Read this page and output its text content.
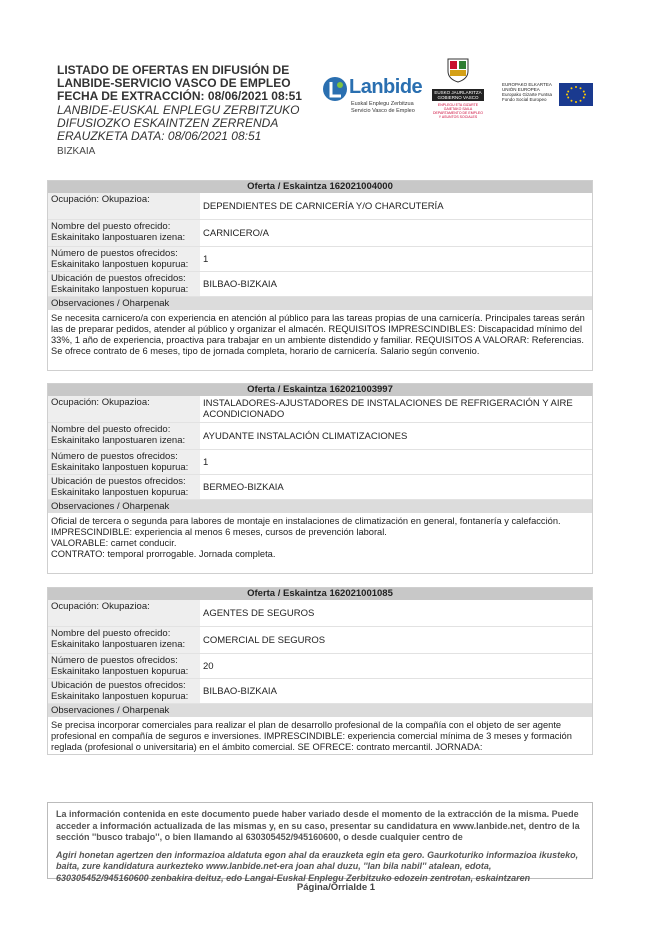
LISTADO DE OFERTAS EN DIFUSIÓN DE LANBIDE-SERVICIO VASCO DE EMPLEO FECHA DE EXTRACCIÓN: 08/06/2021 08:51
LANBIDE-EUSKAL ENPLEGU ZERBITZUKO DIFUSIOZKO ESKAINTZEN ZERRENDA ERAUZKETA DATA: 08/06/2021 08:51
BIZKAIA
Lanbide
Euskal Enplegu Zerbitzua
Servicio Vasco de Empleo
EUSKO JAURLARITZA GOBIERNO VASCO
ENPLEGU ETA GIZARTE GAIETAKO SAILA DEPARTAMENTO DE EMPLEO Y ASUNTOS SOCIALES
EUROPAKO ELKARTEA UNIÓN EUROPEA Europako Gizarte Funtsa Fondo Social Europeo
Oferta / Eskaintza 162021004000
Ocupación: Okupazioa:
DEPENDIENTES DE CARNICERÍA Y/O CHARCUTERÍA
Nombre del puesto ofrecido: Eskainitako lanpostuaren izena:	CARNICERO/A
Número de puestos ofrecidos: Eskainitako lanpostuen kopurua:	1
Ubicación de puestos ofrecidos: Eskainitako lanpostuen kopurua:	BILBAO-BIZKAIA
Observaciones / Oharpenak
Se necesita carnicero/a con experiencia en atención al público para las tareas propias de una carnicería. Principales tareas serán las de preparar pedidos, atender al público y organizar el almacén. REQUISITOS IMPRESCINDIBLES: Discapacidad mínimo del 33%, 1 año de experiencia, proactiva para trabajar en un ambiente distendido y familiar. REQUISITOS A VALORAR: Referencias. Se ofrece contrato de 6 meses, tipo de jornada completa, horario de carnicería. Salario según convenio.
Oferta / Eskaintza 162021003997
Ocupación: Okupazioa:	INSTALADORES-AJUSTADORES DE INSTALACIONES DE REFRIGERACIÓN Y AIRE ACONDICIONADO
Nombre del puesto ofrecido: Eskainitako lanpostuaren izena:	AYUDANTE INSTALACIÓN CLIMATIZACIONES
Número de puestos ofrecidos: Eskainitako lanpostuen kopurua:	1
Ubicación de puestos ofrecidos: Eskainitako lanpostuen kopurua:	BERMEO-BIZKAIA
Observaciones / Oharpenak
Oficial de tercera o segunda para labores de montaje en instalaciones de climatización en general, fontanería y calefacción.
IMPRESCINDIBLE: experiencia al menos 6 meses, cursos de prevención laboral.
VALORABLE: carnet conducir.
CONTRATO: temporal prorrogable. Jornada completa.
Oferta / Eskaintza 162021001085
Ocupación: Okupazioa:
AGENTES DE SEGUROS
Nombre del puesto ofrecido: Eskainitako lanpostuaren izena:	COMERCIAL DE SEGUROS
Número de puestos ofrecidos: Eskainitako lanpostuen kopurua:	20
Ubicación de puestos ofrecidos: Eskainitako lanpostuen kopurua:	BILBAO-BIZKAIA
Observaciones / Oharpenak
Se precisa incorporar comerciales para realizar el plan de desarrollo profesional de la compañía con el objeto de ser agente profesional en compañía de seguros e inversiones. IMPRESCINDIBLE: experiencia comercial mínima de 3 meses y formación reglada (profesional o universitaria) en el ámbito comercial. SE OFRECE: contrato mercantil. JORNADA:
La información contenida en este documento puede haber variado desde el momento de la extracción de la misma. Puede acceder a información actualizada de las mismas y, en su caso, presentar su candidatura en www.lanbide.net, dentro de la sección ''busco trabajo'', o bien llamando al 630305452/945160600, o desde cualquier centro de
Agiri honetan agertzen den informazioa aldatuta egon ahal da erauzketa egin eta gero. Gaurkoturiko informazioa ikusteko, baita, zure kandidatura aurkezteko www.lanbide.net-era joan ahal duzu, ''lan bila nabil'' atalean, edota, 630305452/945160600 zenbakira deituz, edo Langai-Euskal Enplegu Zerbitzuko edozein zentrotan, eskaintzaren
Página/Orrialde 1
